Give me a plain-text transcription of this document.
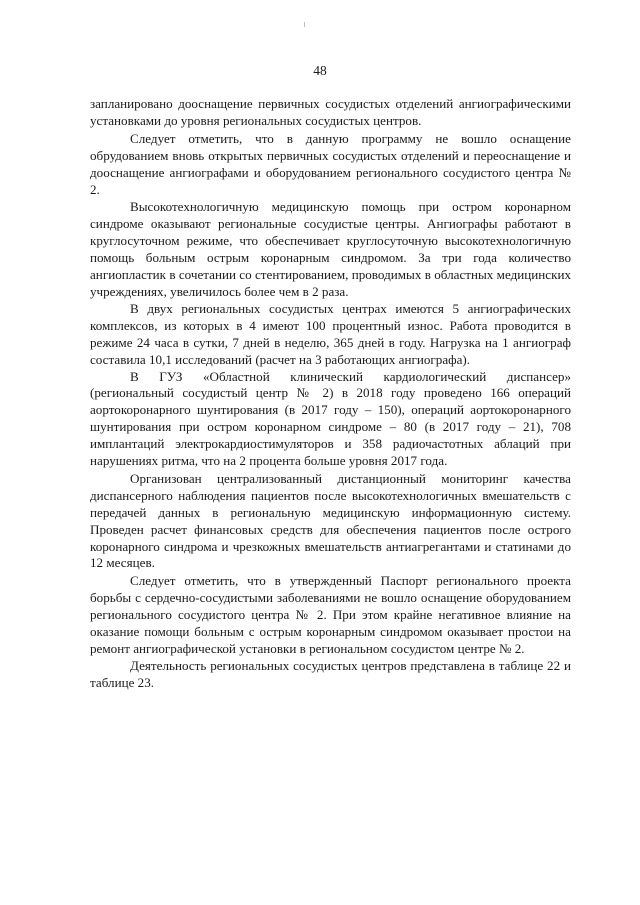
48

запланировано дооснащение первичных сосудистых отделений ангиографическими установками до уровня региональных сосудистых центров.

Следует отметить, что в данную программу не вошло оснащение обрудованием вновь открытых первичных сосудистых отделений и переоснащение и дооснащение ангиографами и оборудованием регионального сосудистого центра № 2.

Высокотехнологичную медицинскую помощь при остром коронарном синдроме оказывают региональные сосудистые центры. Ангиографы работают в круглосуточном режиме, что обеспечивает круглосуточную высокотехнологичную помощь больным острым коронарным синдромом. За три года количество ангиопластик в сочетании со стентированием, проводимых в областных медицинских учреждениях, увеличилось более чем в 2 раза.

В двух региональных сосудистых центрах имеются 5 ангиографических комплексов, из которых в 4 имеют 100 процентный износ. Работа проводится в режиме 24 часа в сутки, 7 дней в неделю, 365 дней в году. Нагрузка на 1 ангиограф составила 10,1 исследований (расчет на 3 работающих ангиографа).

В ГУЗ «Областной клинический кардиологический диспансер» (региональный сосудистый центр № 2) в 2018 году проведено 166 операций аортокоронарного шунтирования (в 2017 году – 150), операций аортокоронарного шунтирования при остром коронарном синдроме – 80 (в 2017 году – 21), 708 имплантаций электрокардиостимуляторов и 358 радиочастотных аблаций при нарушениях ритма, что на 2 процента больше уровня 2017 года.

Организован централизованный дистанционный мониторинг качества диспансерного наблюдения пациентов после высокотехнологичных вмешательств с передачей данных в региональную медицинскую информационную систему. Проведен расчет финансовых средств для обеспечения пациентов после острого коронарного синдрома и чрезкожных вмешательств антиагрегантами и статинами до 12 месяцев.

Следует отметить, что в утвержденный Паспорт регионального проекта борьбы с сердечно-сосудистыми заболеваниями не вошло оснащение оборудованием регионального сосудистого центра № 2. При этом крайне негативное влияние на оказание помощи больным с острым коронарным синдромом оказывает простои на ремонт ангиографической установки в региональном сосудистом центре № 2.

Деятельность региональных сосудистых центров представлена в таблице 22 и таблице 23.
